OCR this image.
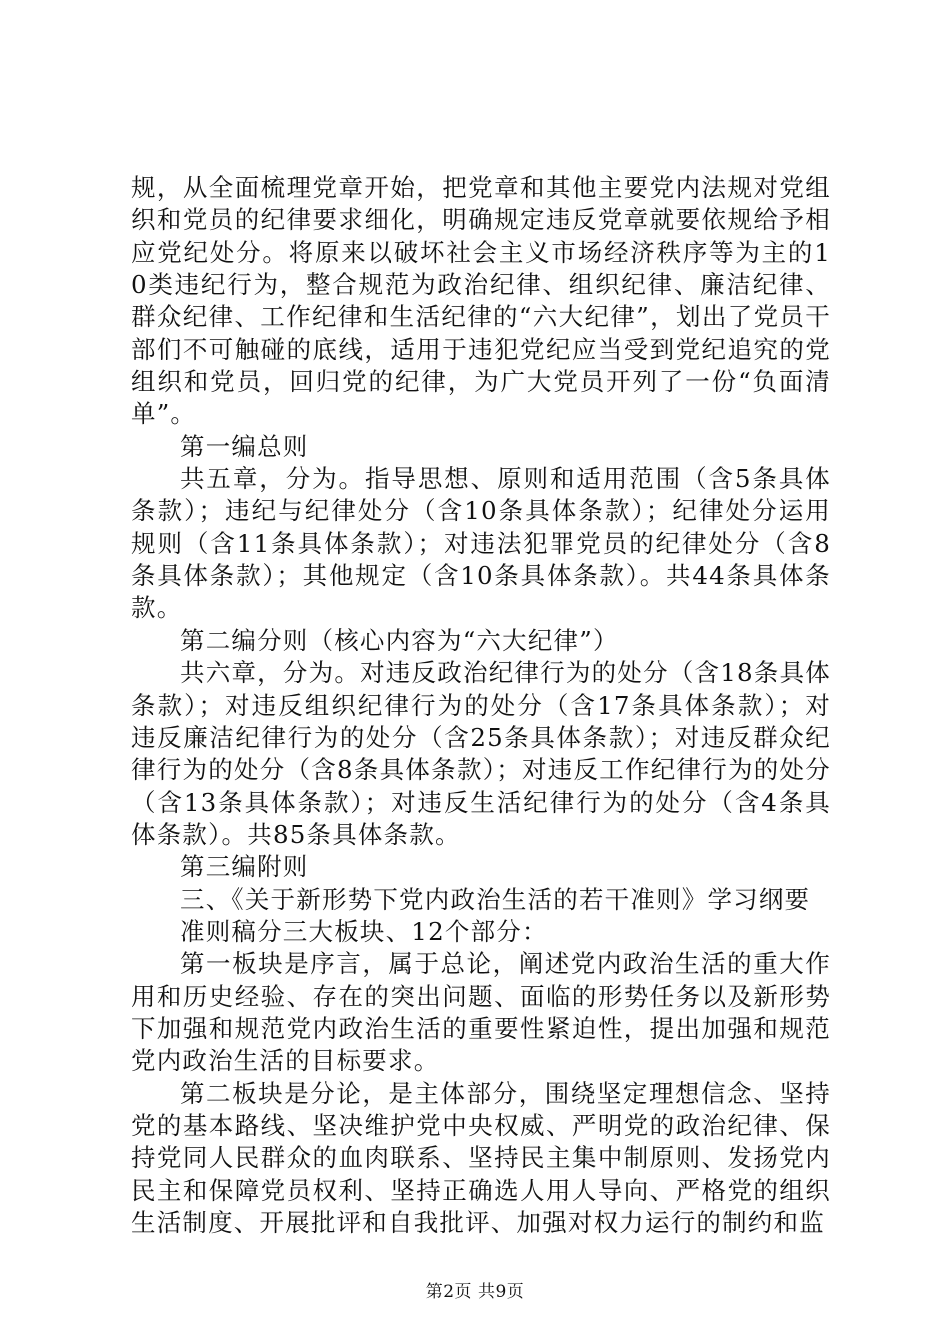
规，从全面梳理党章开始，把党章和其他主要党内法规对党组织和党员的纪律要求细化，明确规定违反党章就要依规给予相应党纪处分。将原来以破坏社会主义市场经济秩序等为主的10类违纪行为，整合规范为政治纪律、组织纪律、廉洁纪律、群众纪律、工作纪律和生活纪律的“六大纪律”，划出了党员干部们不可触碰的底线，适用于违犯党纪应当受到党纪追究的党组织和党员，回归党的纪律，为广大党员开列了一份“负面清单”。

第一编总则

共五章，分为。指导思想、原则和适用范围（含5条具体条款）；违纪与纪律处分（含10条具体条款）；纪律处分运用规则（含11条具体条款）；对违法犯罪党员的纪律处分（含8条具体条款）；其他规定（含10条具体条款）。共44条具体条款。

第二编分则（核心内容为“六大纪律”）

共六章，分为。对违反政治纪律行为的处分（含18条具体条款）；对违反组织纪律行为的处分（含17条具体条款）；对违反廉洁纪律行为的处分（含25条具体条款）；对违反群众纪律行为的处分（含8条具体条款）；对违反工作纪律行为的处分（含13条具体条款）；对违反生活纪律行为的处分（含4条具体条款）。共85条具体条款。

第三编附则

三、《关于新形势下党内政治生活的若干准则》学习纲要

准则稿分三大板块、12个部分：

第一板块是序言，属于总论，阐述党内政治生活的重大作用和历史经验、存在的突出问题、面临的形势任务以及新形势下加强和规范党内政治生活的重要性紧迫性，提出加强和规范党内政治生活的目标要求。

第二板块是分论，是主体部分，围绕坚定理想信念、坚持党的基本路线、坚决维护党中央权威、严明党的政治纪律、保持党同人民群众的血肉联系、坚持民主集中制原则、发扬党内民主和保障党员权利、坚持正确选人用人导向、严格党的组织生活制度、开展批评和自我批评、加强对权力运行的制约和监

第2页 共9页
